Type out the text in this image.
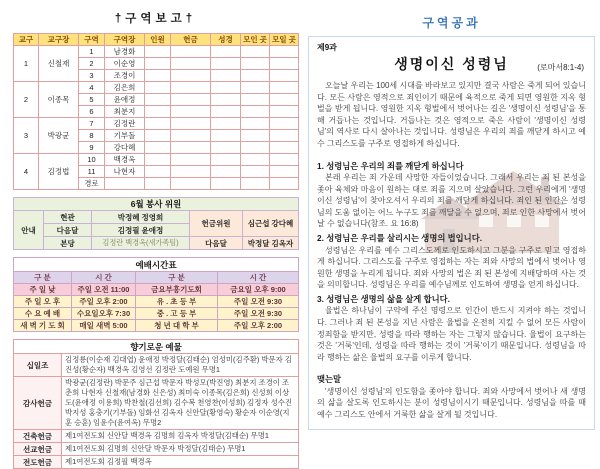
†구역보고†
교구	교구장	구역	구역장	인원	헌금	성경	모인 곳	모일 곳
1	신철재	1	남경화					
		2	이순영					
		3	조경이					
2	이종목	4	김은희					
		5	윤애정					
		6	최분지					
3	박광균	7	김정란					
		8	기부돌					
		9	강다혜					
4	김정법	10	백경옥					
		11	나현자					
		경로						
6월 봉사 위원				
안내	현관	박정혜 정영희	헌금위원	심근섭 강다혜
	다음달	김정필 윤애정		
	본당	김정란 백경옥(새가족팀)	다음달	박정달 김옥자
예배시간표			
구 분	시 간	구 분	시 간
주 일 낮	주일 오전 11:00	금요부흥기도회	금요일 오후 9:00
주 일 오 후	주일 오후 2:00	유 . 초 등 부	주일 오전 9:30
수 요 예 배	수요일오후 7:30	중 . 고 등 부	주일 오전 9:30
새 벽 기 도 회	매일 새벽 5:00	청 년 대 학 부	주일 오후 2:00
향기로운 예물	
십일조	김정룡(이순재 김대엽) 윤애정 박정달(김태순) 엄성미(김주환) 박문자 김진성(황순자) 백경옥 김영선 김정란 도예원 무명1
감사헌금	박광균(김정란) 박문주 심근섭 박문자 박성모(박진영) 최분지 조경이 조춘희 나현자 신철재(남경화 신은성) 최미숙 이종목(김은희) 신성희 이상도(윤애정 이용희) 박찬철(김선희) 김수복 천영찬(이성희) 김정자 성수진 박지성 홍충기(기부돌) 임화선 김옥자 신안달(황영숙) 황순자 이순영(지훈 승훈) 임윤수(윤여옥) 무명2
건축헌금	제1여전도회 신안달 백경옥 김명희 김옥자 박정달(김태순) 무명1
선교헌금	제1여전도회 김명희 신안달 박문자 박정달(김태순) 무명1
전도헌금	제1여전도회 김정필 백경옥
구역공과
제9과
생명이신 성령님	(로마서8:1-4)
오늘날 우리는 100세 시대를 바라보고 있지만 결국 사람은 죽게 되어 있습니다. 모든 사람은 영적으로 죄인이기 때문에 육적으로 죽게 되면 영원한 지옥 형벌을 받게 됩니다. 영원한 지옥 형벌에서 벗어나는 길은 '생명이신 성령님'을 통해 거듭나는 것입니다. 거듭나는 것은 영적으로 죽은 사람이 '생명이신 성령님'의 역사로 다시 살아나는 것입니다. 성령님은 우리의 죄를 깨닫게 하시고 예수 그리스도를 구주로 영접하게 하십니다.
1. 성령님은 우리의 죄를 깨닫게 하십니다
본래 우리는 죄 가운데 사망한 자들이었습니다. 그래서 우리는 죄 된 본성을 좇아 육체와 마음이 원하는 대로 죄를 지으며 살았습니다. 그런 우리에게 '생명이신 성령님'이 찾아오셔서 우리의 죄를 깨닫게 하십니다. 죄인 된 인간은 성령님의 도움 없이는 어느 누구도 죄를 깨달을 수 없으며, 죄로 인한 사망에서 벗어날 수 없습니다(참조. 요 16:8)
2. 성령님은 우리를 살리시는 생명의 법입니다.
성령님은 우리를 예수 그리스도께로 인도하시고 그분을 구주로 믿고 영접하게 하십니다. 그리스도를 구주로 영접하는 자는 죄와 사망의 법에서 벗어나 영원한 생명을 누리게 됩니다. 죄와 사망의 법은 죄 된 본성에 지배당하며 사는 것을 의미합니다. 성령님은 우리를 예수님께로 인도하여 생명을 얻게 하십니다.
3. 성령님은 생명의 삶을 살게 합니다.
율법은 하나님이 구약에 주신 명령으로 인간이 반드시 지켜야 하는 것입니다. 그러나 죄 된 본성을 지닌 사람은 율법을 온전히 지킬 수 없어 모든 사람이 정죄함을 받지만, 성령을 따라 행하는 자는 그렇지 않습니다. 율법이 요구하는 것은 '거룩'인데, 성령을 따라 행하는 것이 '거룩'이기 때문입니다. 성령님을 따라 행하는 삶은 율법의 요구를 이루게 합니다.
맺는말
'생명이신 성령님'의 인도함을 좇아야 합니다. 죄와 사망에서 벗어나 새 생명의 삶을 살도록 인도하시는 분이 성령님이시기 때문입니다. 성령님을 따를 때 예수 그리스도 안에서 거룩한 삶을 살게 될 것입니다.
